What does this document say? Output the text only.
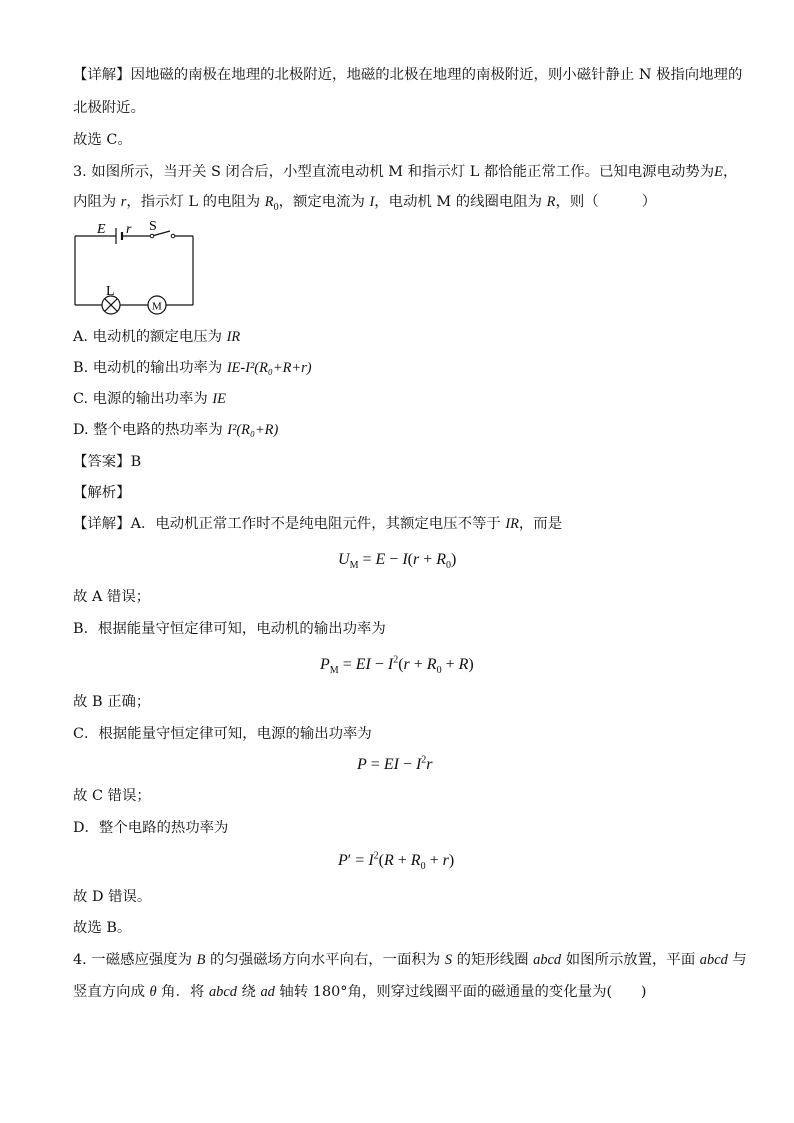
【详解】因地磁的南极在地理的北极附近，地磁的北极在地理的南极附近，则小磁针静止 N 极指向地理的
北极附近。
故选 C。
3. 如图所示，当开关 S 闭合后，小型直流电动机 M 和指示灯 L 都恰能正常工作。已知电源电动势为E，
内阻为 r，指示灯 L 的电阻为 $R_0$，额定电流为 I，电动机 M 的线圈电阻为 R，则（　　　）
E r S
L
M
A. 电动机的额定电压为 IR
B. 电动机的输出功率为 IE-I²(R₀+R+r)
C. 电源的输出功率为 IE
D. 整个电路的热功率为 I²(R₀+R)
【答案】B
【解析】
【详解】A．电动机正常工作时不是纯电阻元件，其额定电压不等于 IR，而是
$U_M = E - I(r + R_0)$
故 A 错误；
B．根据能量守恒定律可知，电动机的输出功率为
$P_M$ = EI − $I^2(r + R_0 + R)$
故 B 正确；
C．根据能量守恒定律可知，电源的输出功率为
P = EI − $I^2r$
故 C 错误；
D．整个电路的热功率为
$P' = I^2(R + R_0 + r)$
故 D 错误。
故选 B。
4. 一磁感应强度为 B 的匀强磁场方向水平向右，一面积为 S 的矩形线圈 abcd 如图所示放置，平面 abcd 与
竖直方向成 θ 角．将 abcd 绕 ad 轴转 180°角，则穿过线圈平面的磁通量的变化量为(　　)
